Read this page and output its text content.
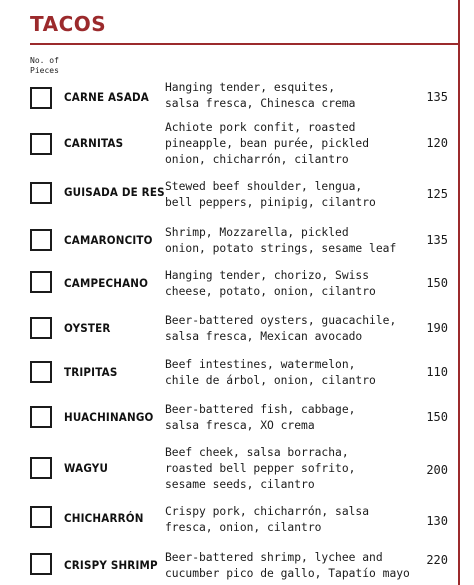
TACOS
No. of
Pieces
CARNE ASADA
Hanging tender, esquites,
salsa fresca, Chinesca crema	135
CARNITAS
Achiote pork confit, roasted
pineapple, bean purée, pickled
onion, chicharrón, cilantro
120
GUISADA DE RES Stewed beef shoulder, lengua,
bell peppers, pinipig, cilantro
125
CAMARONCITO
Shrimp, Mozzarella, pickled
onion, potato strings, sesame leaf
135
CAMPECHANO
Hanging tender, chorizo, Swiss
cheese, potato, onion, cilantro
150
OYSTER
Beer-battered oysters, guacachile,
salsa fresca, Mexican avocado
190
TRIPITAS
Beef intestines, watermelon,
chile de árbol, onion, cilantro
110
HUACHINANGO
Beer-battered fish, cabbage,
salsa fresca, XO crema
150
WAGYU
Beef cheek, salsa borracha,
roasted bell pepper sofrito,
sesame seeds, cilantro
200
CHICHARRÓN Crispy pork, chicharrón, salsa
fresca, onion, cilantro	130
CRISPY SHRIMP
Beer-battered shrimp, lychee and
cucumber pico de gallo, Tapatío mayo
220
